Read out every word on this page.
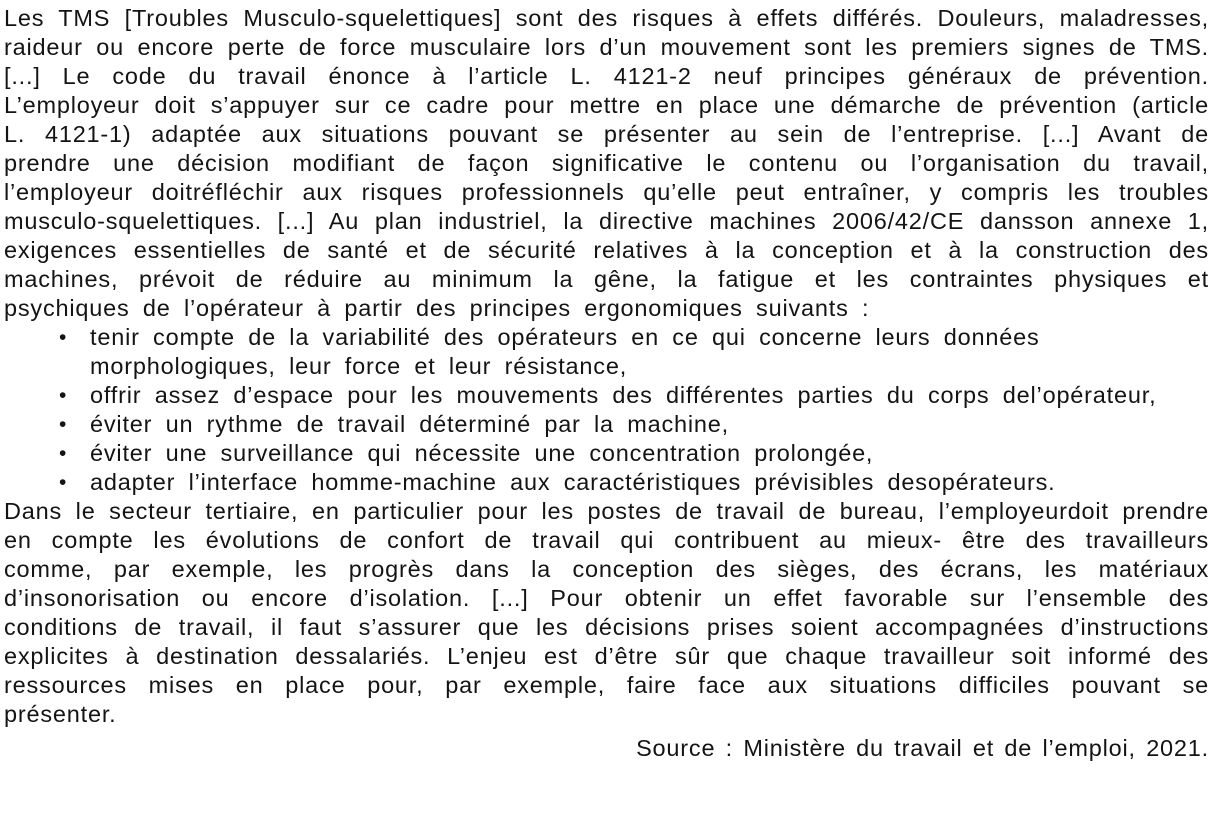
Les TMS [Troubles Musculo-squelettiques] sont des risques à effets différés. Douleurs, maladresses, raideur ou encore perte de force musculaire lors d’un mouvement sont les premiers signes de TMS. [...] Le code du travail énonce à l’article L. 4121-2 neuf principes généraux de prévention. L’employeur doit s’appuyer sur ce cadre pour mettre en place une démarche de prévention (article L. 4121-1) adaptée aux situations pouvant se présenter au sein de l’entreprise. [...] Avant de prendre une décision modifiant de façon significative le contenu ou l’organisation du travail, l’employeur doitréfléchir aux risques professionnels qu’elle peut entraîner, y compris les troubles musculo-squelettiques. [...] Au plan industriel, la directive machines 2006/42/CE dansson annexe 1, exigences essentielles de santé et de sécurité relatives à la conception et à la construction des machines, prévoit de réduire au minimum la gêne, la fatigue et les contraintes physiques et psychiques de l’opérateur à partir des principes ergonomiques suivants :

• tenir compte de la variabilité des opérateurs en ce qui concerne leurs données morphologiques, leur force et leur résistance,
• offrir assez d’espace pour les mouvements des différentes parties du corps del’opérateur,
• éviter un rythme de travail déterminé par la machine,
• éviter une surveillance qui nécessite une concentration prolongée,
• adapter l’interface homme-machine aux caractéristiques prévisibles desopérateurs.

Dans le secteur tertiaire, en particulier pour les postes de travail de bureau, l’employeurdoit prendre en compte les évolutions de confort de travail qui contribuent au mieux- être des travailleurs comme, par exemple, les progrès dans la conception des sièges, des écrans, les matériaux d’insonorisation ou encore d’isolation. [...] Pour obtenir un effet favorable sur l’ensemble des conditions de travail, il faut s’assurer que les décisions prises soient accompagnées d’instructions explicites à destination dessalariés. L’enjeu est d’être sûr que chaque travailleur soit informé des ressources mises en place pour, par exemple, faire face aux situations difficiles pouvant se présenter.

Source : Ministère du travail et de l’emploi, 2021.
